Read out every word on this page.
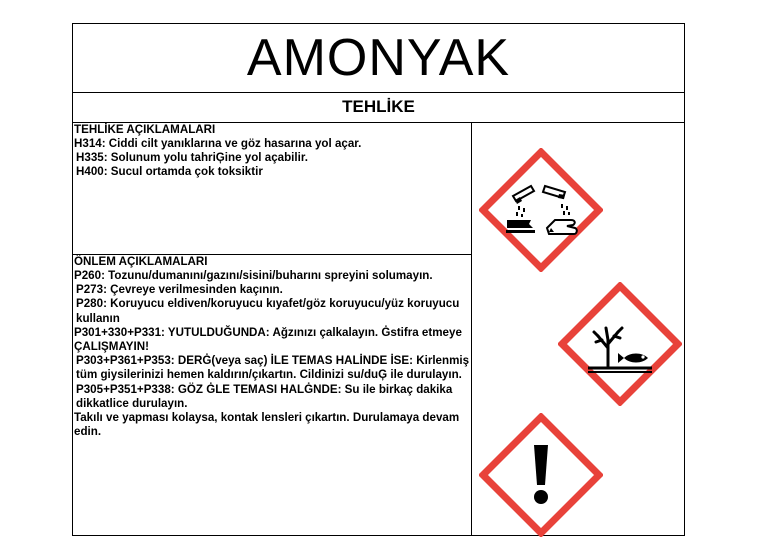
AMONYAK
TEHLİKE

TEHLİKE AÇIKLAMALARI

H314: Ciddi cilt yanıklarına ve göz hasarına yol açar.

H335: Solunum yolu tahriĢine yol açabilir.

H400: Sucul ortamda çok toksiktir

ÖNLEM AÇIKLAMALARI

P260: Tozunu/dumanını/gazını/sisini/buharını spreyini solumayın.

P273: Çevreye verilmesinden kaçının.

P280: Koruyucu eldiven/koruyucu kıyafet/göz koruyucu/yüz koruyucu kullanın

P301+330+P331: YUTULDUĞUNDA: Ağzınızı çalkalayın. Ġstifra etmeye ÇALIŞMAYIN!

P303+P361+P353: DERĠ(veya saç) İLE TEMAS HALİNDE İSE: Kirlenmiş tüm giysilerinizi hemen kaldırın/çıkartın. Cildinizi su/duĢ ile durulayın.

P305+P351+P338: GÖZ ĠLE TEMASI HALĠNDE: Su ile birkaç dakika dikkatlice durulayın.

Takılı ve yapması kolaysa, kontak lensleri çıkartın. Durulamaya devam edin.
